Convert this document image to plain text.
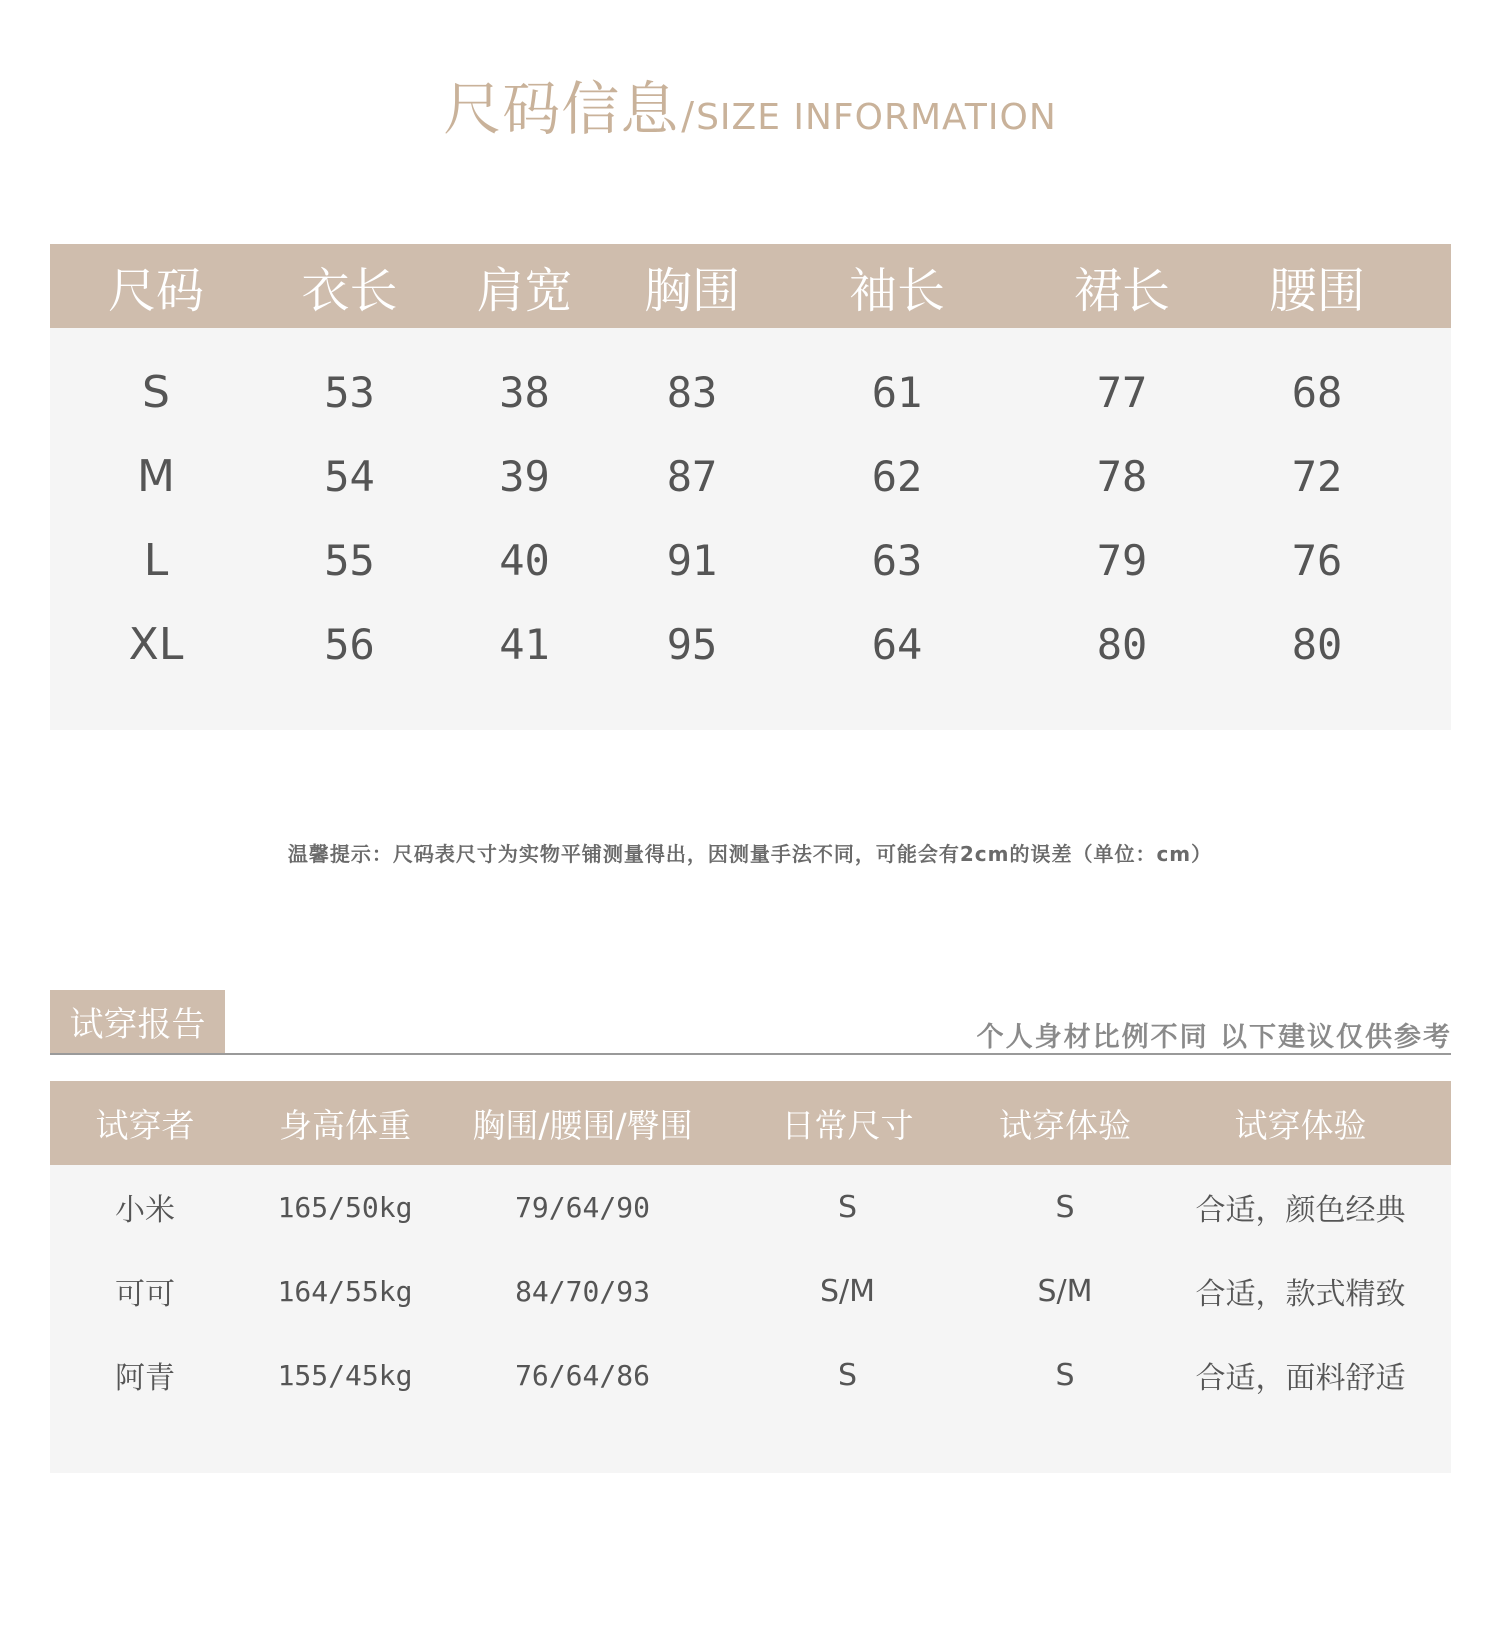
尺码信息/SIZE INFORMATION
尺码	衣长	肩宽	胸围	袖长	裙长	腰围
S	53	38	83	61	77	68
M	54	39	87	62	78	72
L	55	40	91	63	79	76
XL	56	41	95	64	80	80
温馨提示：尺码表尺寸为实物平铺测量得出，因测量手法不同，可能会有2cm的误差（单位：cm）
试穿报告	个人身材比例不同 以下建议仅供参考
试穿者	身高体重	胸围/腰围/臀围	日常尺寸	试穿体验	试穿体验
小米	165/50kg	79/64/90	S	S	合适，颜色经典
可可	164/55kg	84/70/93	S/M	S/M	合适，款式精致
阿青	155/45kg	76/64/86	S	S	合适，面料舒适
